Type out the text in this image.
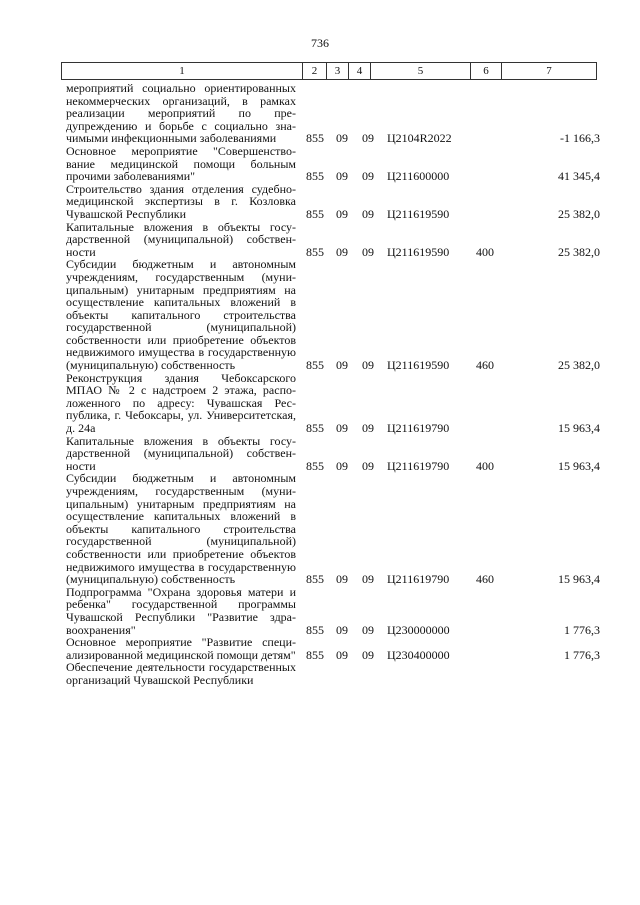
736
1	2	3	4	5	6	7
мероприятий социально ориентированных некоммерческих организаций, в рамках реализации мероприятий по предупреждению и борьбе с социально значимыми инфекционными заболеваниями	855 09 09 Ц2104R2022	-1 166,3
Основное мероприятие "Совершенствование медицинской помощи больным прочими заболеваниями"	855 09 09 Ц211600000	41 345,4
Строительство здания отделения судебно-медицинской экспертизы в г. Козловка Чувашской Республики	855 09 09 Ц211619590	25 382,0
Капитальные вложения в объекты государственной (муниципальной) собственности	855 09 09 Ц211619590 400	25 382,0
Субсидии бюджетным и автономным учреждениям, государственным (муниципальным) унитарным предприятиям на осуществление капитальных вложений в объекты капитального строительства государственной (муниципальной) собственности или приобретение объектов недвижимого имущества в государственную (муниципальную) собственность	855 09 09 Ц211619590 460	25 382,0
Реконструкция здания Чебоксарского МПАО № 2 с надстроем 2 этажа, расположенного по адресу: Чувашская Республика, г. Чебоксары, ул. Университетская, д. 24а	855 09 09 Ц211619790	15 963,4
Капитальные вложения в объекты государственной (муниципальной) собственности	855 09 09 Ц211619790 400	15 963,4
Субсидии бюджетным и автономным учреждениям, государственным (муниципальным) унитарным предприятиям на осуществление капитальных вложений в объекты капитального строительства государственной (муниципальной) собственности или приобретение объектов недвижимого имущества в государственную (муниципальную) собственность	855 09 09 Ц211619790 460	15 963,4
Подпрограмма "Охрана здоровья матери и ребенка" государственной программы Чувашской Республики "Развитие здравоохранения"	855 09 09 Ц230000000	1 776,3
Основное мероприятие "Развитие специализированной медицинской помощи детям" 855 09 09 Ц230400000	1 776,3
Обеспечение деятельности государственных организаций Чувашской Республики
